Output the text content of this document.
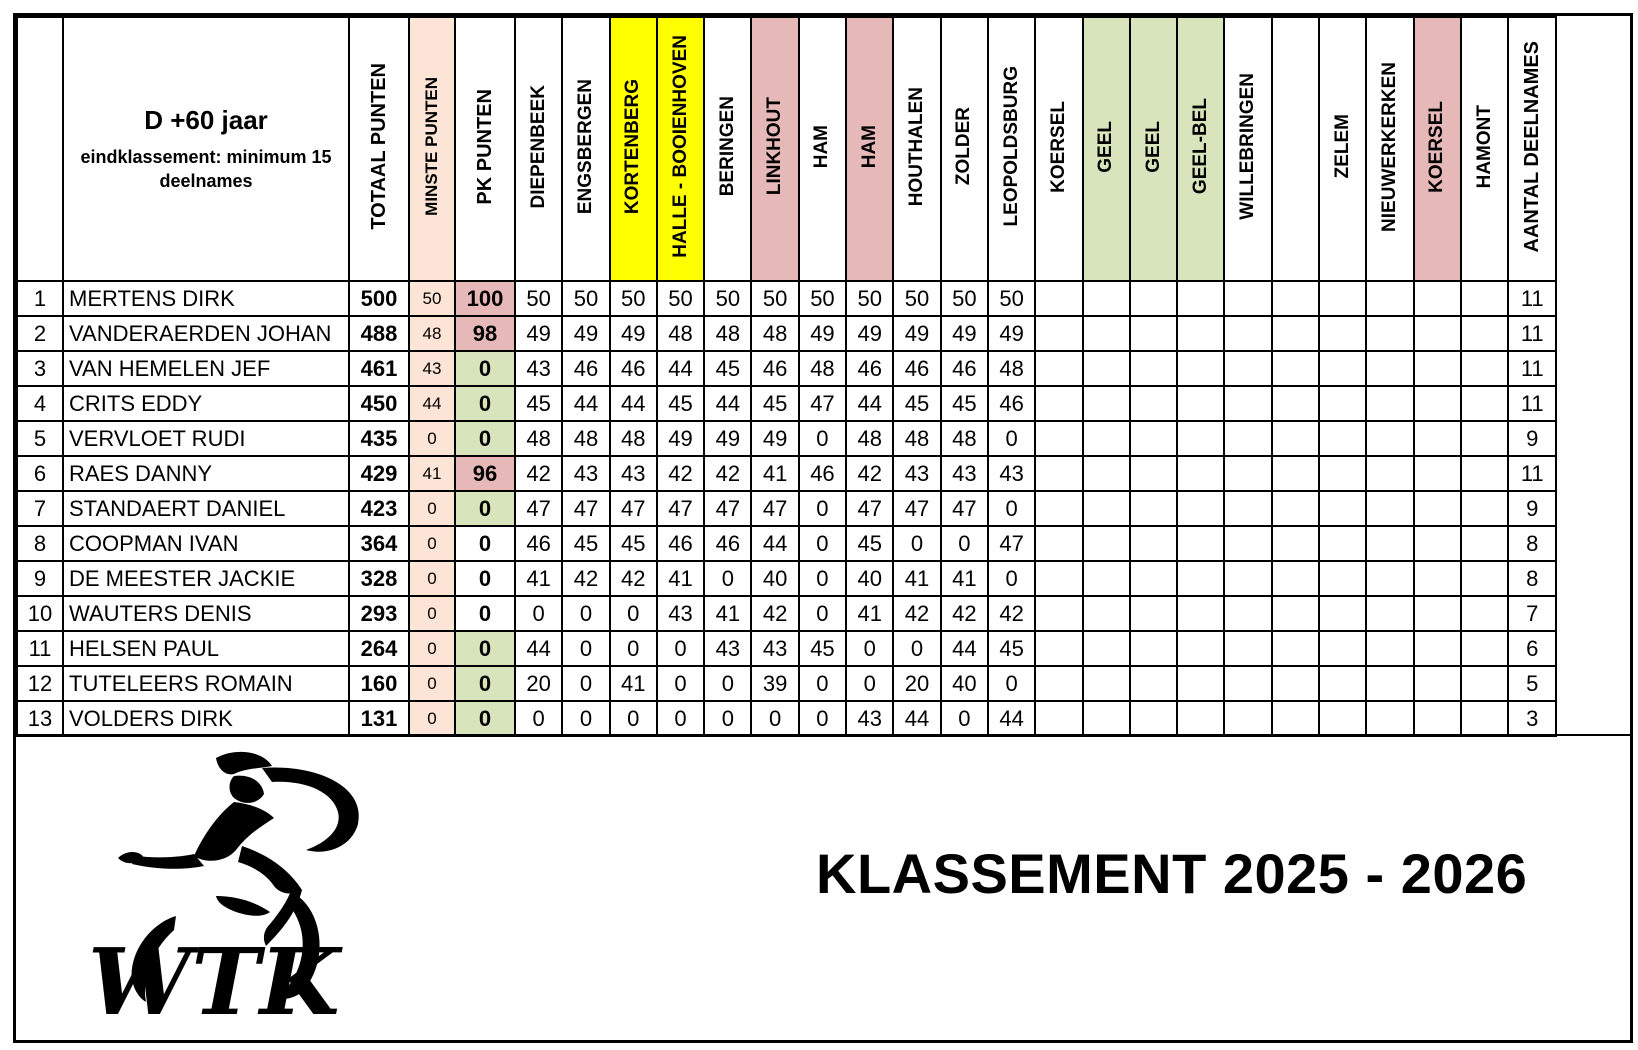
	D +60 jaar
eindklassement: minimum 15 deelnames	TOTAAL PUNTEN	MINSTE PUNTEN	PK PUNTEN	DIEPENBEEK	ENGSBERGEN	KORTENBERG	HALLE - BOOIENHOVEN	BERINGEN	LINKHOUT	HAM	HAM	HOUTHALEN	ZOLDER	LEOPOLDSBURG	KOERSEL	GEEL	GEEL	GEEL-BEL	WILLEBRINGEN		ZELEM	NIEUWERKERKEN	KOERSEL	HAMONT	AANTAL DEELNAMES
1	MERTENS DIRK	500	50	100	50	50	50	50	50	50	50	50	50	50	50											11
2	VANDERAERDEN JOHAN	488	48	98	49	49	49	48	48	48	49	49	49	49	49											11
3	VAN HEMELEN JEF	461	43	0	43	46	46	44	45	46	48	46	46	46	48											11
4	CRITS EDDY	450	44	0	45	44	44	45	44	45	47	44	45	45	46											11
5	VERVLOET RUDI	435	0	0	48	48	48	49	49	49	0	48	48	48	0											9
6	RAES DANNY	429	41	96	42	43	43	42	42	41	46	42	43	43	43											11
7	STANDAERT DANIEL	423	0	0	47	47	47	47	47	47	0	47	47	47	0											9
8	COOPMAN IVAN	364	0	0	46	45	45	46	46	44	0	45	0	0	47											8
9	DE MEESTER JACKIE	328	0	0	41	42	42	41	0	40	0	40	41	41	0											8
10	WAUTERS DENIS	293	0	0	0	0	0	43	41	42	0	41	42	42	42											7
11	HELSEN PAUL	264	0	0	44	0	0	0	43	43	45	0	0	44	45											6
12	TUTELEERS ROMAIN	160	0	0	20	0	41	0	0	39	0	0	20	40	0											5
13	VOLDERS DIRK	131	0	0	0	0	0	0	0	0	0	43	44	0	44											3
WTK
KLASSEMENT 2025 - 2026
